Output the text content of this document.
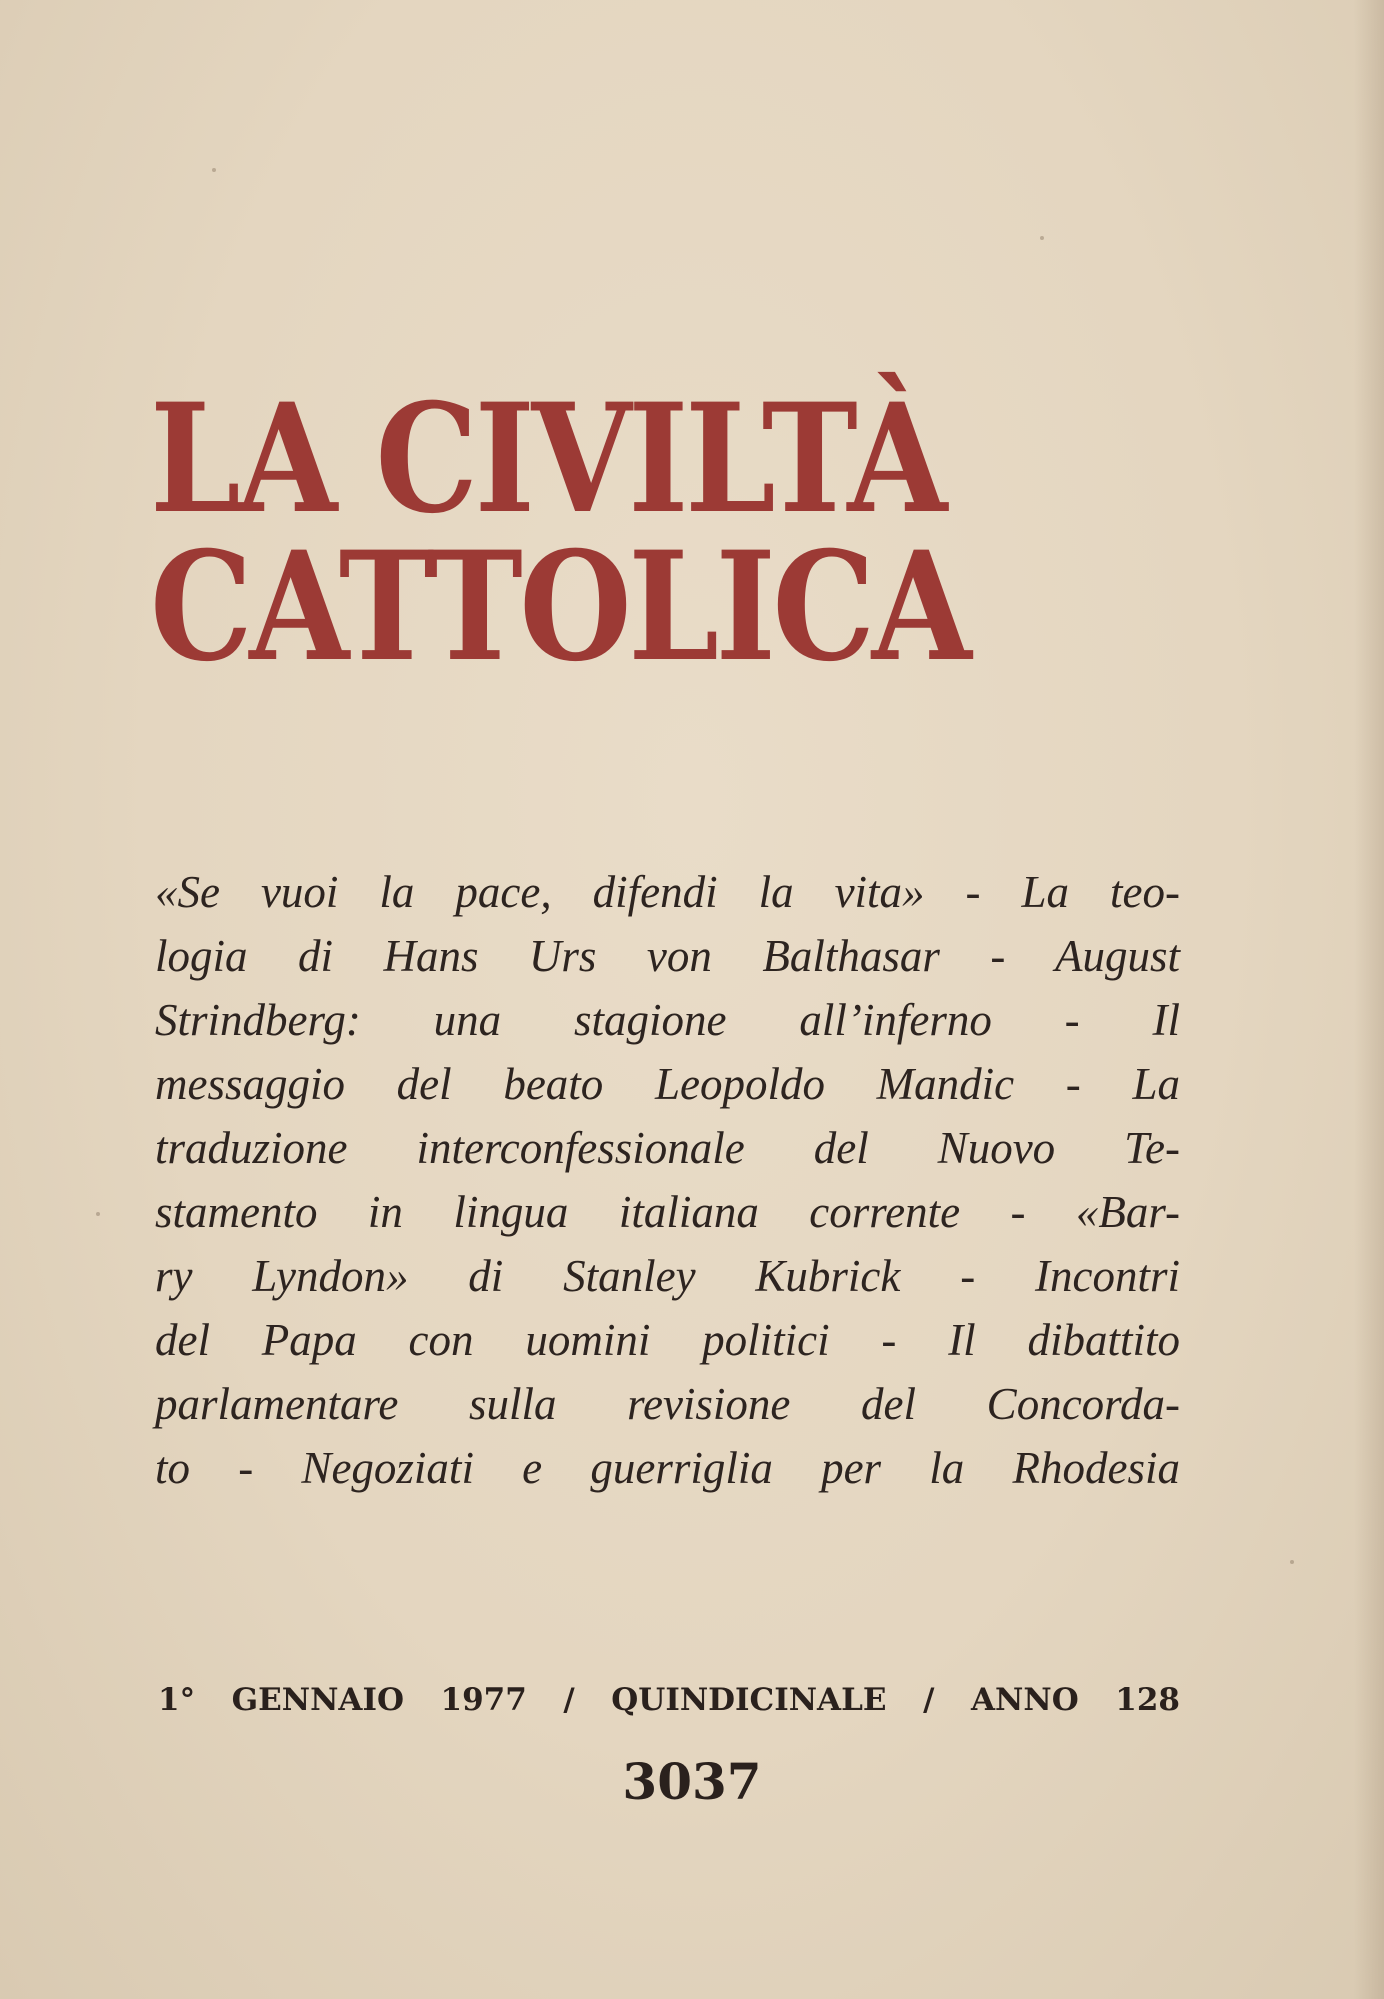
LA CIVILTÀ
CATTOLICA
«Se vuoi la pace, difendi la vita» - La teo-
logia di Hans Urs von Balthasar - August
Strindberg: una stagione all’inferno - Il
messaggio del beato Leopoldo Mandic - La
traduzione interconfessionale del Nuovo Te-
stamento in lingua italiana corrente - «Bar-
ry Lyndon» di Stanley Kubrick - Incontri
del Papa con uomini politici - Il dibattito
parlamentare sulla revisione del Concorda-
to - Negoziati e guerriglia per la Rhodesia
1° GENNAIO 1977 / QUINDICINALE / ANNO 128
3037
